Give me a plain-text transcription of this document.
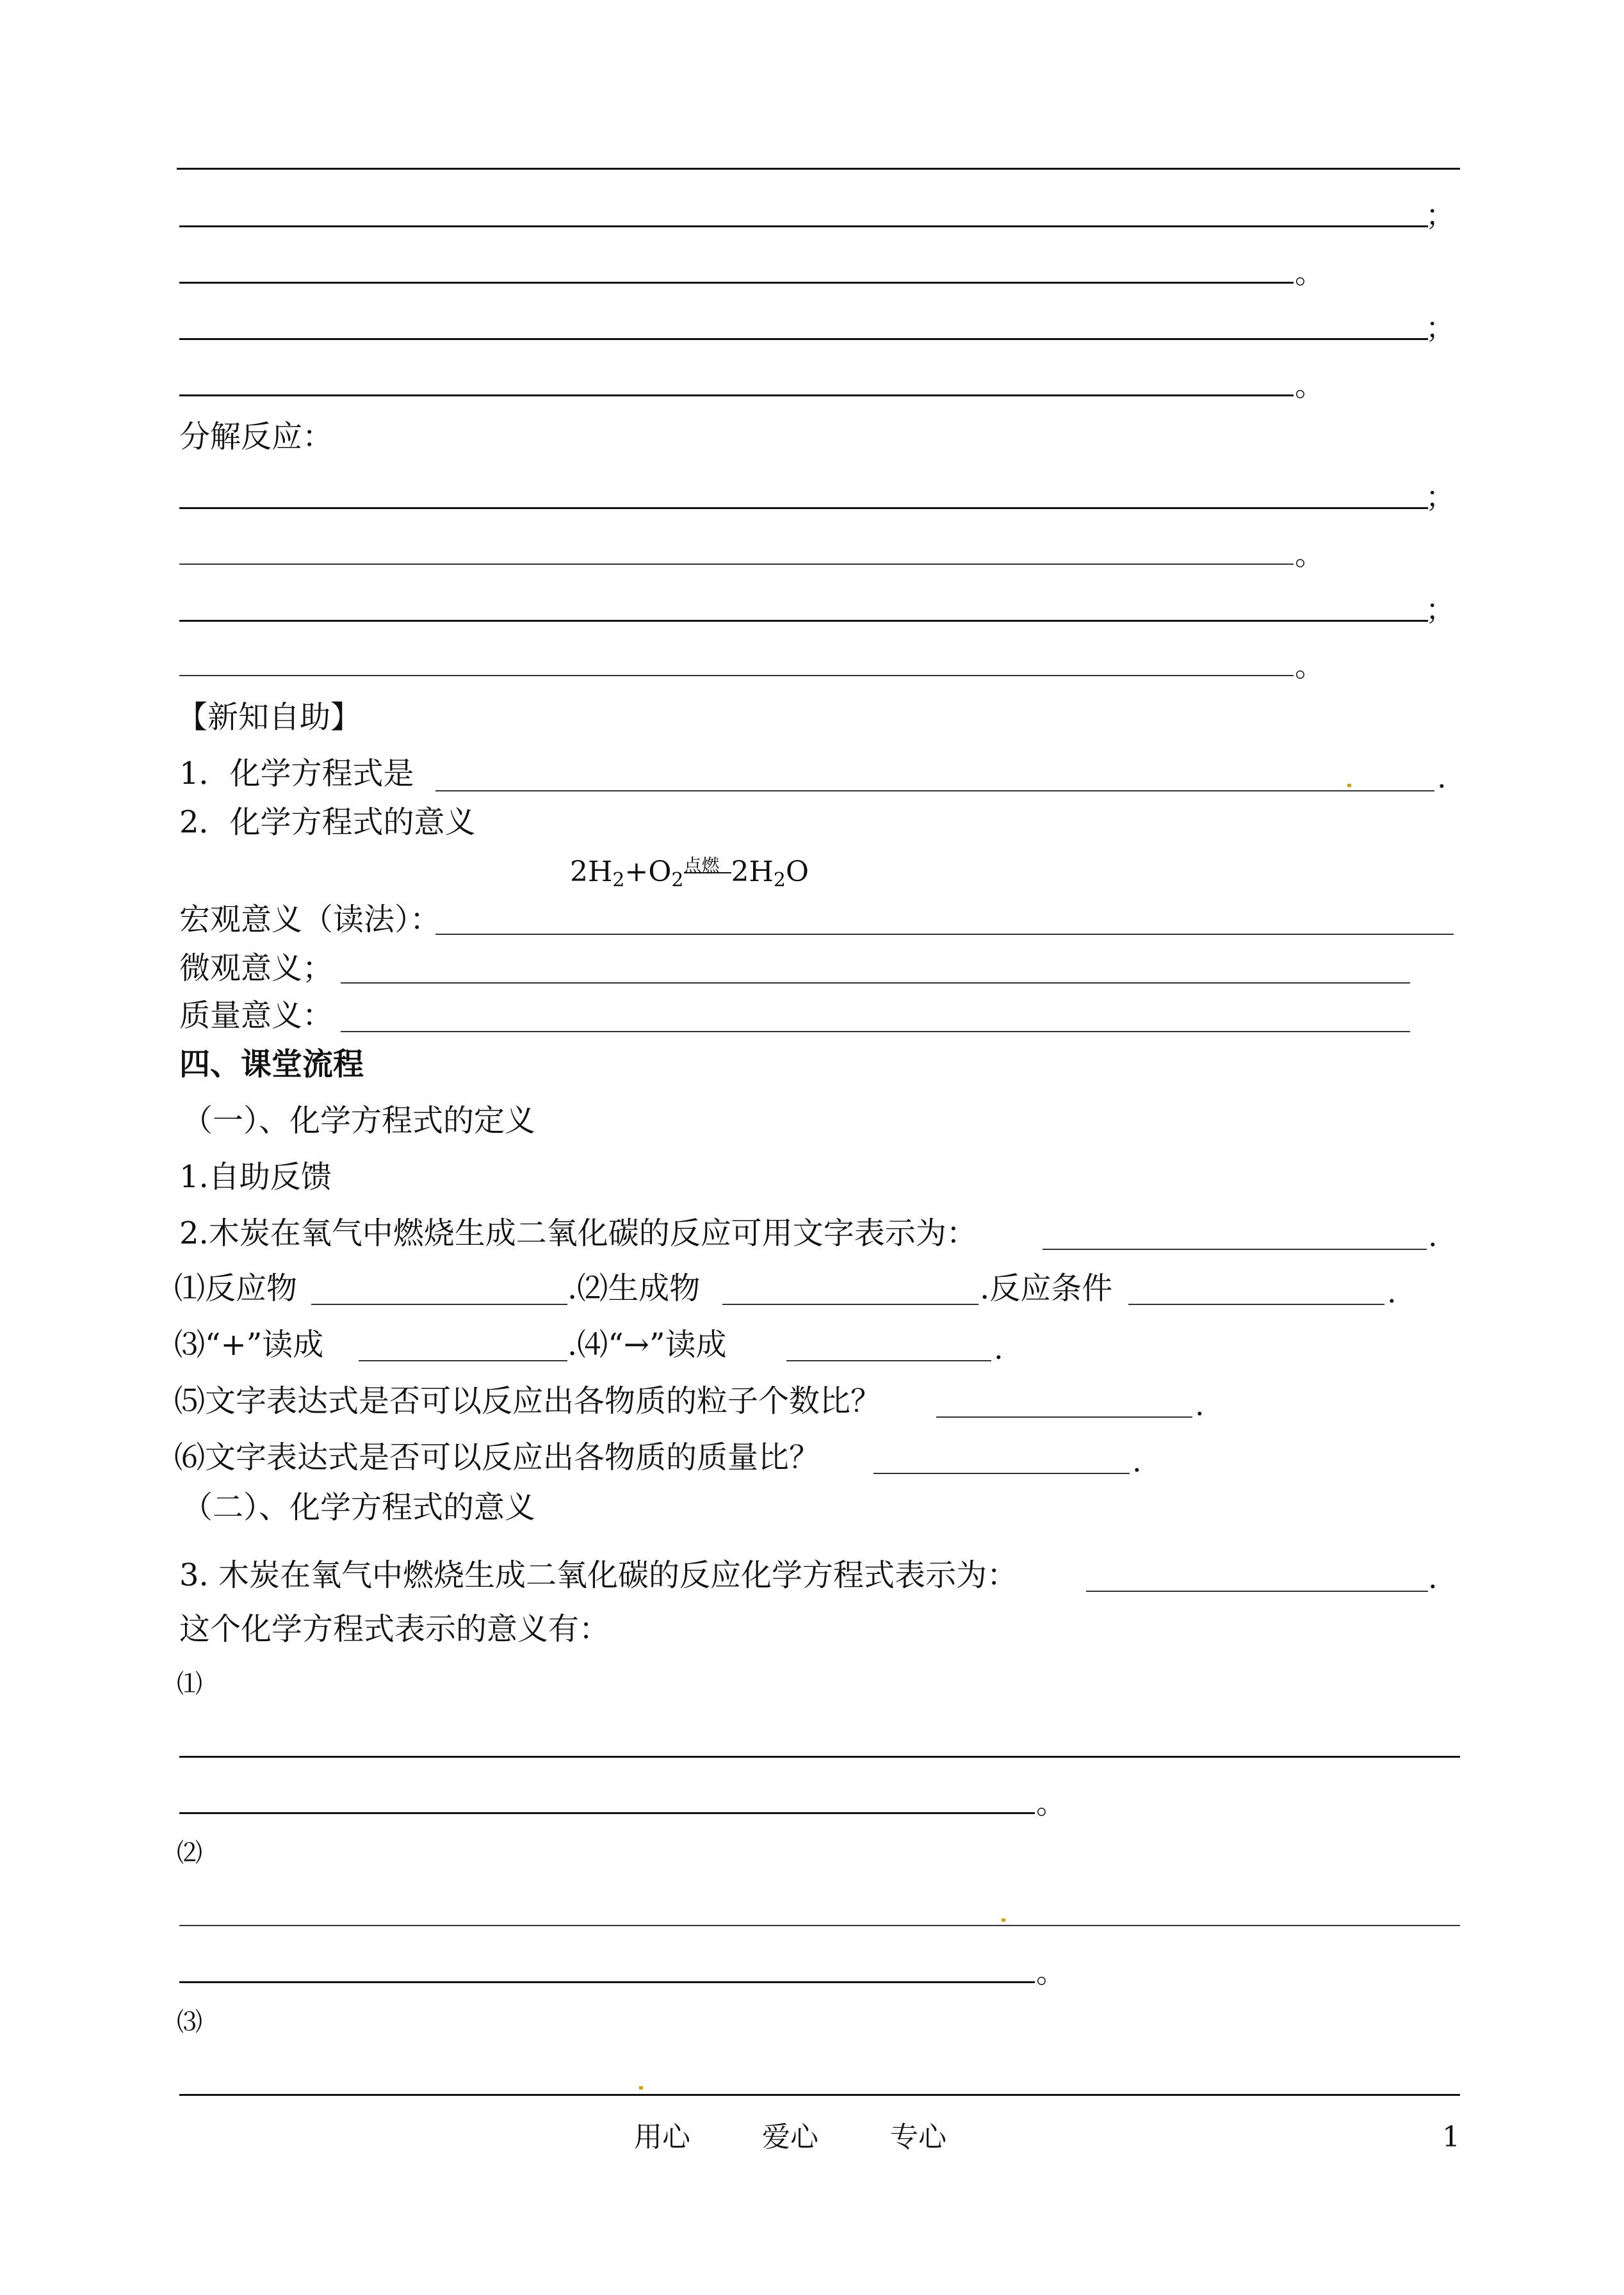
；
。
；
。
分解反应：
；
。
；
。
【新知自助】
1．化学方程式是	.
2．化学方程式的意义
$2H_2+O_2$
点燃 $2H_2O$
宏观意义（读法）：
微观意义；
质量意义：
四、课堂流程
（一）、化学方程式的定义
1.自助反馈
2.木炭在氧气中燃烧生成二氧化碳的反应可用文字表示为：	.
⑴反应物	.⑵生成物	.反应条件	.
⑶“+”读成	.⑷“→”读成	.
⑸文字表达式是否可以反应出各物质的粒子个数比？	.
⑹文字表达式是否可以反应出各物质的质量比？	.
（二）、化学方程式的意义
3. 木炭在氧气中燃烧生成二氧化碳的反应化学方程式表示为：	.
这个化学方程式表示的意义有：
⑴
。
⑵
。
⑶
用心	爱心	专心	1
